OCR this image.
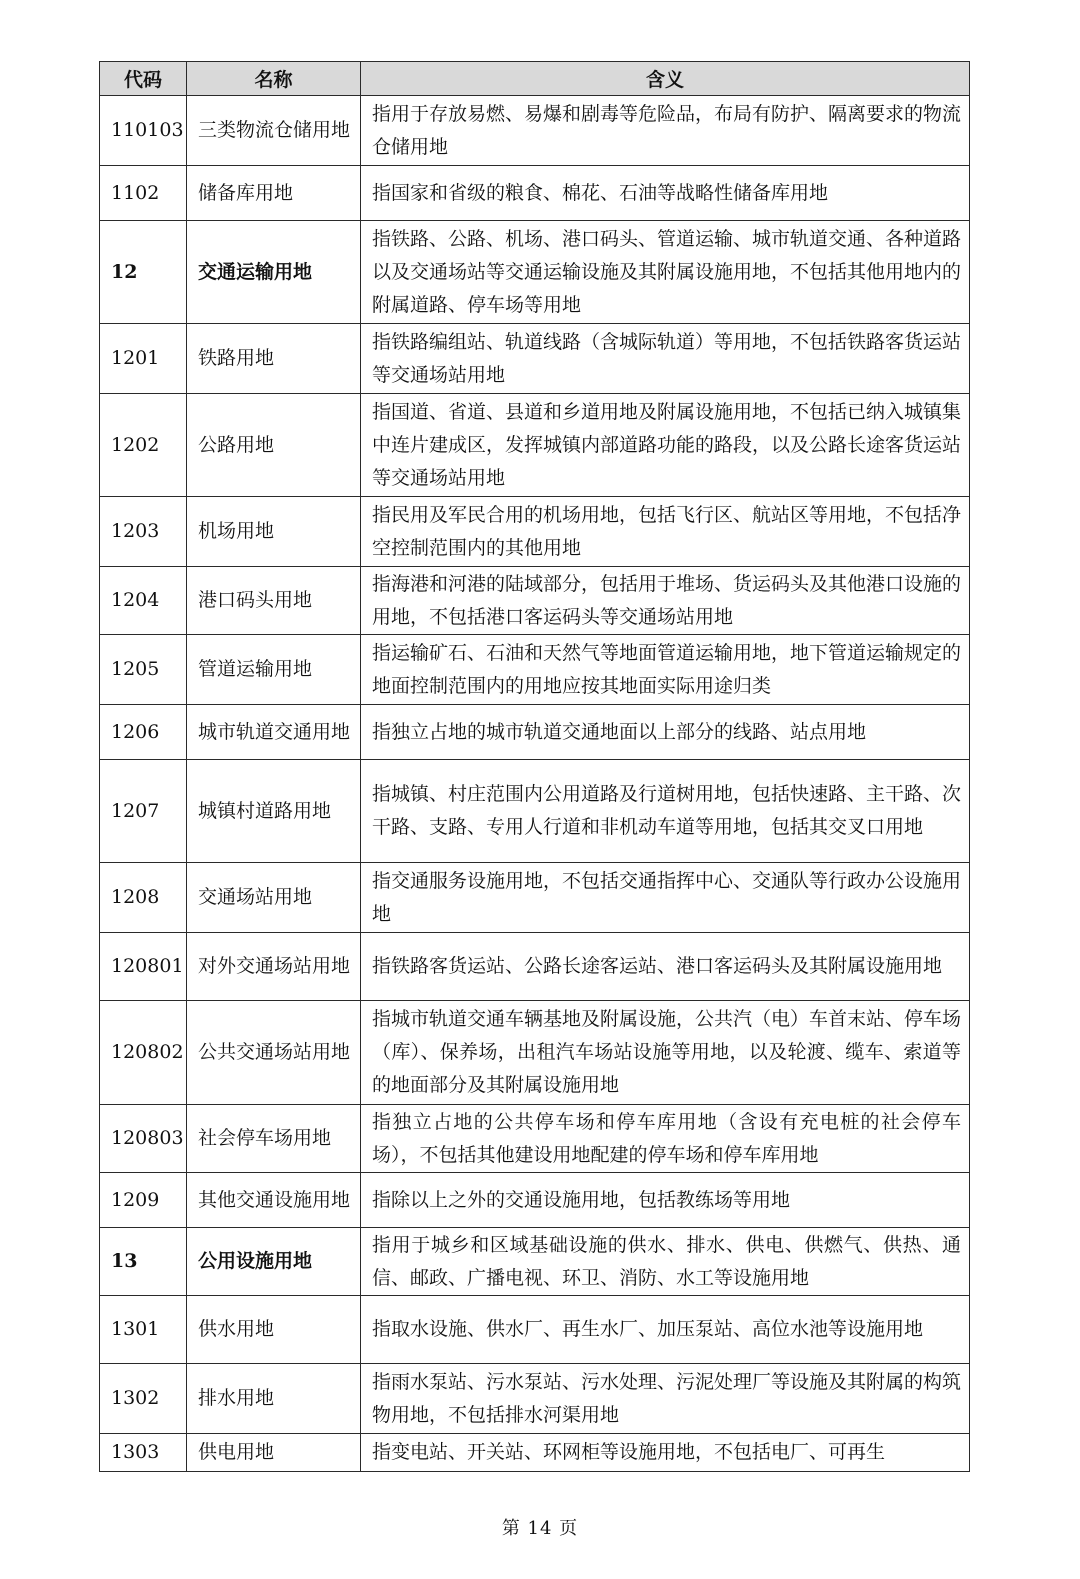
代码	名称	含义
110103	三类物流仓储用地	指用于存放易燃、易爆和剧毒等危险品，布局有防护、隔离要求的物流仓储用地
1102	储备库用地	指国家和省级的粮食、棉花、石油等战略性储备库用地
12	交通运输用地	指铁路、公路、机场、港口码头、管道运输、城市轨道交通、各种道路以及交通场站等交通运输设施及其附属设施用地，不包括其他用地内的附属道路、停车场等用地
1201	铁路用地	指铁路编组站、轨道线路（含城际轨道）等用地，不包括铁路客货运站等交通场站用地
1202	公路用地	指国道、省道、县道和乡道用地及附属设施用地，不包括已纳入城镇集中连片建成区，发挥城镇内部道路功能的路段，以及公路长途客货运站等交通场站用地
1203	机场用地	指民用及军民合用的机场用地，包括飞行区、航站区等用地，不包括净空控制范围内的其他用地
1204	港口码头用地	指海港和河港的陆域部分，包括用于堆场、货运码头及其他港口设施的用地，不包括港口客运码头等交通场站用地
1205	管道运输用地	指运输矿石、石油和天然气等地面管道运输用地，地下管道运输规定的地面控制范围内的用地应按其地面实际用途归类
1206	城市轨道交通用地	指独立占地的城市轨道交通地面以上部分的线路、站点用地
1207	城镇村道路用地	指城镇、村庄范围内公用道路及行道树用地，包括快速路、主干路、次干路、支路、专用人行道和非机动车道等用地，包括其交叉口用地
1208	交通场站用地	指交通服务设施用地，不包括交通指挥中心、交通队等行政办公设施用地
120801	对外交通场站用地	指铁路客货运站、公路长途客运站、港口客运码头及其附属设施用地
120802	公共交通场站用地	指城市轨道交通车辆基地及附属设施，公共汽（电）车首末站、停车场（库）、保养场，出租汽车场站设施等用地，以及轮渡、缆车、索道等的地面部分及其附属设施用地
120803	社会停车场用地	指独立占地的公共停车场和停车库用地（含设有充电桩的社会停车场），不包括其他建设用地配建的停车场和停车库用地
1209	其他交通设施用地	指除以上之外的交通设施用地，包括教练场等用地
13	公用设施用地	指用于城乡和区域基础设施的供水、排水、供电、供燃气、供热、通信、邮政、广播电视、环卫、消防、水工等设施用地
1301	供水用地	指取水设施、供水厂、再生水厂、加压泵站、高位水池等设施用地
1302	排水用地	指雨水泵站、污水泵站、污水处理、污泥处理厂等设施及其附属的构筑物用地，不包括排水河渠用地
1303	供电用地	指变电站、开关站、环网柜等设施用地，不包括电厂、可再生
第 14 页
